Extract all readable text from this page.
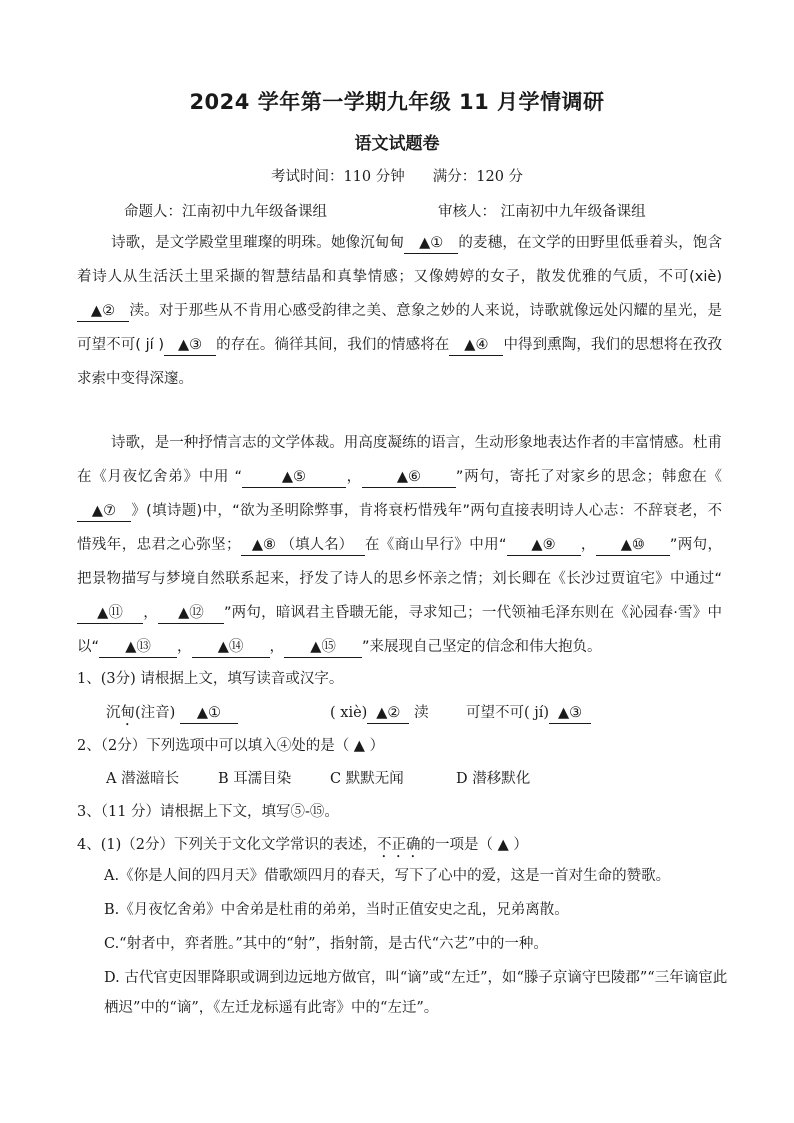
2024 学年第一学期九年级 11 月学情调研
语文试题卷
考试时间：110 分钟 满分：120 分
命题人：江南初中九年级备课组	审核人： 江南初中九年级备课组
诗歌，是文学殿堂里璀璨的明珠。她像沉甸甸 ▲① 的麦穗，在文学的田野里低垂着头，饱含着诗人从生活沃土里采撷的智慧结晶和真挚情感；又像娉婷的女子，散发优雅的气质，不可(xiè)▲② 渎。对于那些从不肯用心感受韵律之美、意象之妙的人来说，诗歌就像远处闪耀的星光，是可望不可( jí ) ▲③ 的存在。徜徉其间，我们的情感将在 ▲④ 中得到熏陶，我们的思想将在孜孜求索中变得深邃。
诗歌，是一种抒情言志的文学体裁。用高度凝练的语言，生动形象地表达作者的丰富情感。杜甫在《月夜忆舍弟》中用 “	▲⑤	， ▲⑥ ”两句，寄托了对家乡的思念；韩愈在《▲⑦ 》(填诗题)中，“欲为圣明除弊事，肯将衰朽惜残年”两句直接表明诗人心志：不辞衰老，不惜残年，忠君之心弥坚； ▲⑧ （填人名） 在《商山早行》中用“ ▲⑨ ， ▲⑩ ”两句，把景物描写与梦境自然联系起来，抒发了诗人的思乡怀亲之情；刘长卿在《长沙过贾谊宅》中通过“▲⑪ ， ▲⑫ ”两句，暗讽君主昏聩无能，寻求知己；一代领袖毛泽东则在《沁园春·雪》中以“ ▲⑬ ， ▲⑭ ， ▲⑮ ”来展现自己坚定的信念和伟大抱负。
1、(3分) 请根据上文，填写读音或汉字。
沉甸(注音) ▲①	( xiè) ▲② 渎	可望不可( jí) ▲③
2、（2分）下列选项中可以填入④处的是（ ▲ ）
A 潜滋暗长	B 耳濡目染	C 默默无闻	D 潜移默化
3、（11 分）请根据上下文，填写⑤-⑮。
4、(1)（2分）下列关于文化文学常识的表述，不正确的一项是（ ▲ ）
A.《你是人间的四月天》借歌颂四月的春天，写下了心中的爱，这是一首对生命的赞歌。
B.《月夜忆舍弟》中舍弟是杜甫的弟弟，当时正值安史之乱，兄弟离散。
C.“射者中，弈者胜。”其中的“射”，指射箭，是古代“六艺”中的一种。
D. 古代官吏因罪降职或调到边远地方做官，叫“谪”或“左迁”，如“滕子京谪守巴陵郡”“三年谪宦此栖迟”中的“谪”，《左迁龙标遥有此寄》中的“左迁”。
